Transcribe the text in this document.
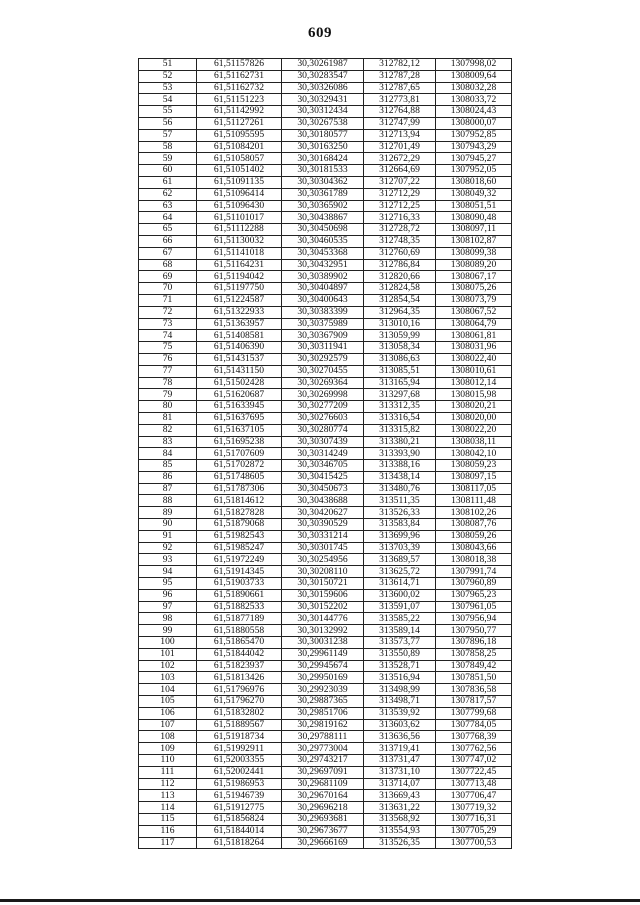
609
51	61,51157826	30,30261987	312782,12	1307998,02
52	61,51162731	30,30283547	312787,28	1308009,64
53	61,51162732	30,30326086	312787,65	1308032,28
54	61,51151223	30,30329431	312773,81	1308033,72
55	61,51142992	30,30312434	312764,88	1308024,43
56	61,51127261	30,30267538	312747,99	1308000,07
57	61,51095595	30,30180577	312713,94	1307952,85
58	61,51084201	30,30163250	312701,49	1307943,29
59	61,51058057	30,30168424	312672,29	1307945,27
60	61,51051402	30,30181533	312664,69	1307952,05
61	61,51091135	30,30304362	312707,22	1308018,60
62	61,51096414	30,30361789	312712,29	1308049,32
63	61,51096430	30,30365902	312712,25	1308051,51
64	61,51101017	30,30438867	312716,33	1308090,48
65	61,51112288	30,30450698	312728,72	1308097,11
66	61,51130032	30,30460535	312748,35	1308102,87
67	61,51141018	30,30453368	312760,69	1308099,38
68	61,51164231	30,30432951	312786,84	1308089,20
69	61,51194042	30,30389902	312820,66	1308067,17
70	61,51197750	30,30404897	312824,58	1308075,26
71	61,51224587	30,30400643	312854,54	1308073,79
72	61,51322933	30,30383399	312964,35	1308067,52
73	61,51363957	30,30375989	313010,16	1308064,79
74	61,51408581	30,30367909	313059,99	1308061,81
75	61,51406390	30,30311941	313058,34	1308031,96
76	61,51431537	30,30292579	313086,63	1308022,40
77	61,51431150	30,30270455	313085,51	1308010,61
78	61,51502428	30,30269364	313165,94	1308012,14
79	61,51620687	30,30269998	313297,68	1308015,98
80	61,51633945	30,30277209	313312,35	1308020,21
81	61,51637695	30,30276603	313316,54	1308020,00
82	61,51637105	30,30280774	313315,82	1308022,20
83	61,51695238	30,30307439	313380,21	1308038,11
84	61,51707609	30,30314249	313393,90	1308042,10
85	61,51702872	30,30346705	313388,16	1308059,23
86	61,51748605	30,30415425	313438,14	1308097,15
87	61,51787306	30,30450673	313480,76	1308117,05
88	61,51814612	30,30438688	313511,35	1308111,48
89	61,51827828	30,30420627	313526,33	1308102,26
90	61,51879068	30,30390529	313583,84	1308087,76
91	61,51982543	30,30331214	313699,96	1308059,26
92	61,51985247	30,30301745	313703,39	1308043,66
93	61,51972249	30,30254956	313689,57	1308018,38
94	61,51914345	30,30208110	313625,72	1307991,74
95	61,51903733	30,30150721	313614,71	1307960,89
96	61,51890661	30,30159606	313600,02	1307965,23
97	61,51882533	30,30152202	313591,07	1307961,05
98	61,51877189	30,30144776	313585,22	1307956,94
99	61,51880558	30,30132992	313589,14	1307950,77
100	61,51865470	30,30031238	313573,77	1307896,18
101	61,51844042	30,29961149	313550,89	1307858,25
102	61,51823937	30,29945674	313528,71	1307849,42
103	61,51813426	30,29950169	313516,94	1307851,50
104	61,51796976	30,29923039	313498,99	1307836,58
105	61,51796270	30,29887365	313498,71	1307817,57
106	61,51832802	30,29851706	313539,92	1307799,68
107	61,51889567	30,29819162	313603,62	1307784,05
108	61,51918734	30,29788111	313636,56	1307768,39
109	61,51992911	30,29773004	313719,41	1307762,56
110	61,52003355	30,29743217	313731,47	1307747,02
111	61,52002441	30,29697091	313731,10	1307722,45
112	61,51986953	30,29681109	313714,07	1307713,48
113	61,51946739	30,29670164	313669,43	1307706,47
114	61,51912775	30,29696218	313631,22	1307719,32
115	61,51856824	30,29693681	313568,92	1307716,31
116	61,51844014	30,29673677	313554,93	1307705,29
117	61,51818264	30,29666169	313526,35	1307700,53
